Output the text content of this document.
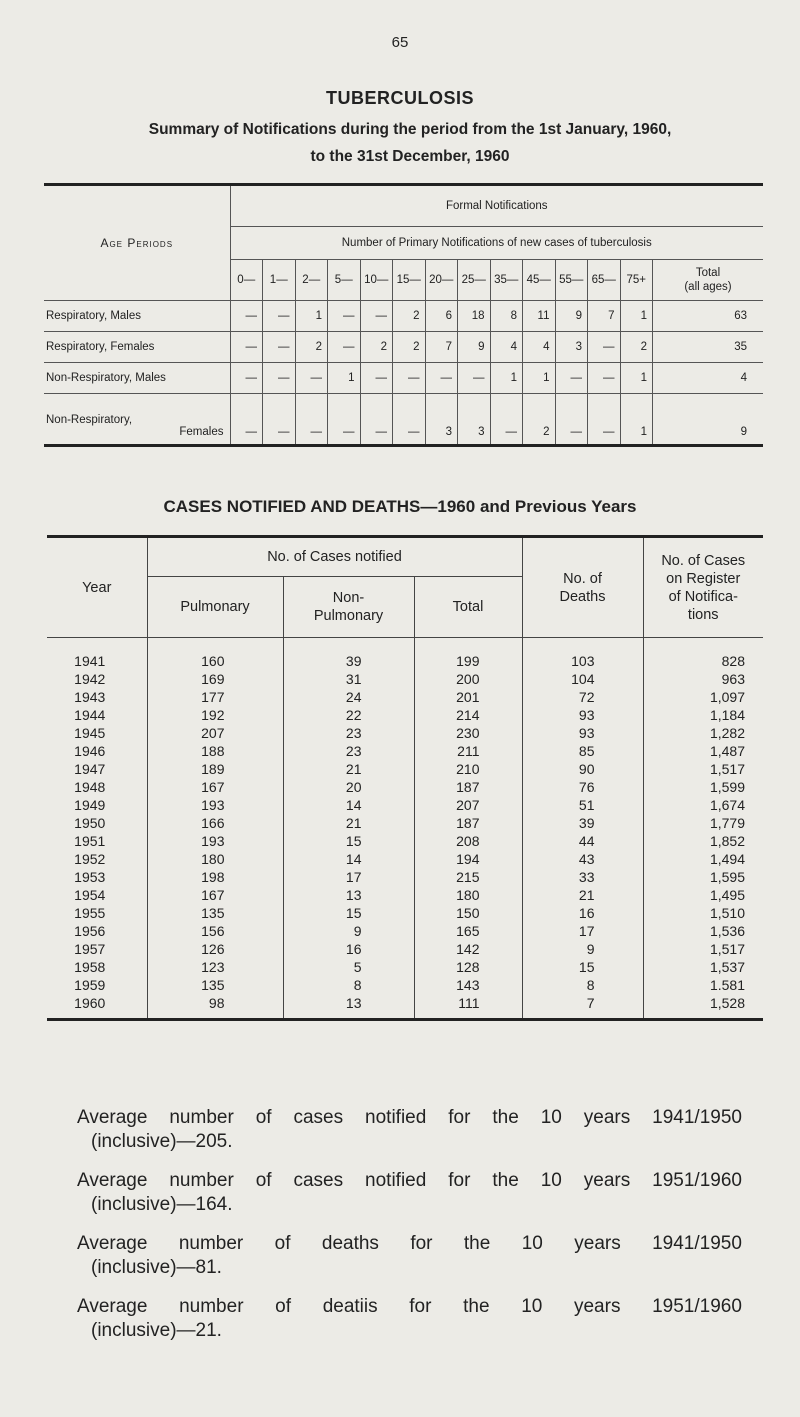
65
TUBERCULOSIS
Summary of Notifications during the period from the 1st January, 1960,
to the 31st December, 1960
Age Periods	Formal Notifications													
	Number of Primary Notifications of new cases of tuberculosis													
	0—	1—	2—	5—	10—	15—	20—	25—	35—	45—	55—	65—	75+	Total
(all ages)
Respiratory, Males	—	—	1	—	—	2	6	18	8	11	9	7	1	63
Respiratory, Females	—	—	2	—	2	2	7	9	4	4	3	—	2	35
Non-Respiratory, Males	—	—	—	1	—	—	—	—	1	1	—	—	1	4

Non-Respiratory,
Females	—	—	—	—	—	—	3	3	—	2	—	—	1	9
CASES NOTIFIED AND DEATHS—1960 and Previous Years
Year	No. of Cases notified			No. of
Deaths	No. of Cases
on Register
of Notifica-
tions
	Pulmonary	Non-
Pulmonary	Total		
1941	160	39	199	103	828
1942	169	31	200	104	963
1943	177	24	201	72	1,097
1944	192	22	214	93	1,184
1945	207	23	230	93	1,282
1946	188	23	211	85	1,487
1947	189	21	210	90	1,517
1948	167	20	187	76	1,599
1949	193	14	207	51	1,674
1950	166	21	187	39	1,779
1951	193	15	208	44	1,852
1952	180	14	194	43	1,494
1953	198	17	215	33	1,595
1954	167	13	180	21	1,495
1955	135	15	150	16	1,510
1956	156	9	165	17	1,536
1957	126	16	142	9	1,517
1958	123	5	128	15	1,537
1959	135	8	143	8	1.581
1960	98	13	111	7	1,528
Average number of cases notified for the 10 years 1941/1950
(inclusive)—205.
Average number of cases notified for the 10 years 1951/1960
(inclusive)—164.
Average number of deaths for the 10 years 1941/1950
(inclusive)—81.
Average number of deatiis for the 10 years 1951/1960
(inclusive)—21.
